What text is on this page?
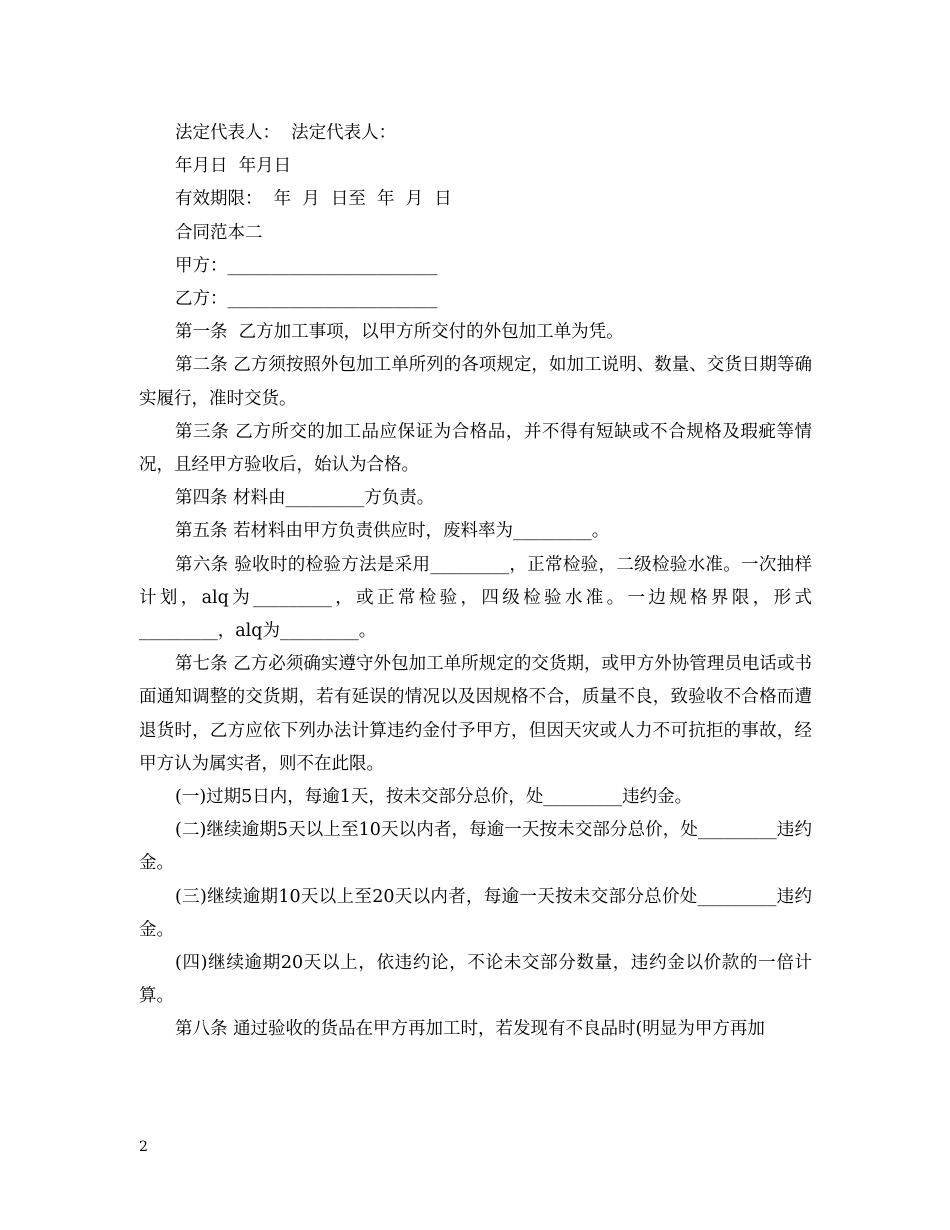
法定代表人：  法定代表人：
年月日  年月日
有效期限：  年  月  日至  年  月  日
合同范本二
甲方：________________________
乙方：________________________
第一条  乙方加工事项，以甲方所交付的外包加工单为凭。
第二条 乙方须按照外包加工单所列的各项规定，如加工说明、数量、交货日期等确实履行，准时交货。
第三条 乙方所交的加工品应保证为合格品，并不得有短缺或不合规格及瑕疵等情况，且经甲方验收后，始认为合格。
第四条 材料由_________方负责。
第五条 若材料由甲方负责供应时，废料率为_________。
第六条 验收时的检验方法是采用_________，正常检验，二级检验水准。一次抽样计划，alq为_________，或正常检验，四级检验水准。一边规格界限，形式_________，alq为_________。
第七条 乙方必须确实遵守外包加工单所规定的交货期，或甲方外协管理员电话或书面通知调整的交货期，若有延误的情况以及因规格不合，质量不良，致验收不合格而遭退货时，乙方应依下列办法计算违约金付予甲方，但因天灾或人力不可抗拒的事故，经甲方认为属实者，则不在此限。
(一)过期5日内，每逾1天，按未交部分总价，处_________违约金。
(二)继续逾期5天以上至10天以内者，每逾一天按未交部分总价，处_________违约金。
(三)继续逾期10天以上至20天以内者，每逾一天按未交部分总价处_________违约金。
(四)继续逾期20天以上，依违约论，不论未交部分数量，违约金以价款的一倍计算。
第八条 通过验收的货品在甲方再加工时，若发现有不良品时(明显为甲方再加
2
